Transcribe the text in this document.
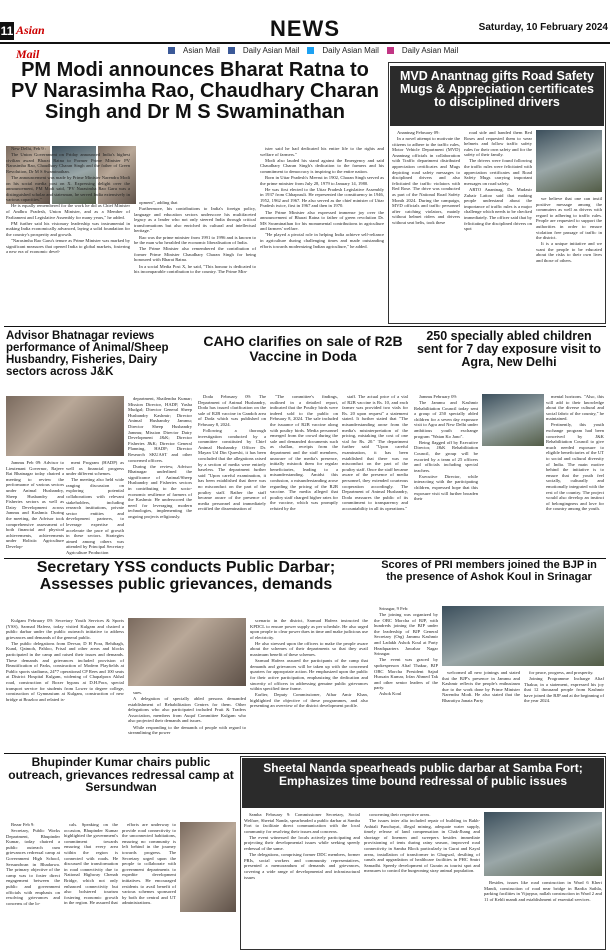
11 Asian Mail
NEWS	Saturday, 10 February 2024
Asian Mail	Daily Asian Mail	Daily Asian Mail	Daily Asian Mail
PM Modi announces Bharat Ratna to PV Narasimha Rao, Chaudhary Charan Singh and Dr M S Swaminathan

New Delhi, Feb 9 :

The Union Government on Friday announced India's highest civilian award Bharat Ratna to Former Prime Minister PV Narasimha Rao, Chaudhary Charan Singh and the father of Green Revolution, Dr M S Swaminathan.

The announcement was made by Prime Minister Narendra Modi on his social media post on X. Expressing delight over the announcement, PM Modi said, "PV Narasimha Rao Garu was a distinguished scholar and statesman, he served India extensively in various capacities."

He is equally remembered for the work he did as Chief Minister of Andhra Pradesh, Union Minister, and as a Member of Parliament and Legislative Assembly for many years," he added.

PM further said his visionary leadership was instrumental in making India economically advanced, laying a solid foundation for the country's prosperity and growth.

"Narasimha Rao Garu's tenure as Prime Minister was marked by significant measures that opened India to global markets, fostering a new era of economic devel-

opment", adding that

Furthermore, his contributions to India's foreign policy, language and education sectors underscore his multifaceted legacy as a leader who not only steered India through critical transformations but also enriched its cultural and intellectual heritage."

Rao was the prime minister from 1991 to 1996 and is known to be the man who heralded the economic liberalisation of India.

The Prime Minister also remembered the contribution of former Prime Minister Chaudhary Charan Singh for being honoured with Bharat Ratna.

In a social Media Post X, he said, "This honour is dedicated to his incomparable contribution to the country. The Prime Min-

ister said he had dedicated his entire life to the rights and welfare of farmers."

Modi also lauded his stand against the Emergency and said Chaudhary Charan Singh's dedication to the farmers and his commitment to democracy is inspiring to the entire nation.

Born in Uttar Pradesh's Meerut in 1902, Charan Singh served as the prime minister from July 28, 1979 to January 14, 1980.

He was first elected to the Uttar Pradesh Legislative Assembly in 1937 from Chhaprauli. He represented the constituency in 1946, 1952, 1962 and 1967. He also served as the chief minister of Uttar Pradesh twice, first in 1967 and then in 1970.

The Prime Minister also expressed immense joy over the announcement of Bharat Ratna to father of green revolution Dr. MS Swaminathan for his monumental contributions in agriculture and farmers' welfare.

"He played a pivotal role in helping India achieve self-reliance in agriculture during challenging times and made outstanding efforts towards modernizing Indian agriculture," he added.

MVD Anantnag gifts Road Safety Mugs & Appreciation certificates to disciplined drivers

Anantnag February 09:

In a novel attempt to motivate the citizens to adhere to the traffic rules, Motor Vehicle Department (MVD) Anantnag officials in collaboration with Traffic department distributed appreciation certificates and Mugs depicting road safety messages to disciplined drivers and also felicitated the traffic violators with Red Rose. The drive was conducted as part of the National Road Safety Month 2024. During the campaign, MVD officials and traffic personnel after catching violators, mainly without helmet riders and drivers without seat belts, took these

road side and handed them Red Roses and requested them to wear helmets and follow traffic safety rules for their own safety and for the safety of their family.

The drivers were found following the traffic rules were felicitated with appreciation certificates and Road Safety Mugs carrying important messages on road safety.

ARTO Anantnag, Dr. Mudasir Zubair Lattoo said that making people understand about the importance of traffic rules is a major challenge which needs to be checked immediately. The officer said that by felicitating the disciplined drivers on spot

we believe that one can instil positive message among the commuters as well as drivers with regard to adhering to traffic rules. People are requested to support the authorities in order to ensure violation free passage of traffic in the district.

It is a unique initiative and we want the people to be educated about the risks to their own lives and those of others.

Advisor Bhatnagar reviews performance of Animal/Sheep Husbandry, Fisheries, Dairy sectors across J&K

Jammu Feb 09: Advisor to Lieutenant Governor, Rajeev Rai Bhatnagar today chaired a meeting to review the performance of various sectors under Animal Husbandry, Sheep Husbandry and Fisheries sectors as well as Dairy Development across Jammu and Kashmir. During the meeting, the Advisor took comprehensive assessment of both financial and physical achievements, achievements under Holistic Agriculture Develop-

ment Program (HADP) as well as financial progress under different schemes.

The meeting also held wide ranging discussion on exploring potential collaborations with relevant stakeholders, including research institutions, private sector entities and development partners, to leverage expertise and accelerate the pace of growth in these sectors. Strategies aimed among others was attended by Principal Secretary Agriculture Production

department, Shailendra Kumar; Mission Director, HADP, Yasha Mudgal; Director General Sheep Husbandry Kashmir; Director Animal Husbandry Jammu; Director Sheep Husbandry Jammu; Mission Director Dairy Development J&K; Director Fisheries J&K; Director General Planning, HADP; Director Research SKUAST and other concerned officers.

During the review, Advisor Bhatnagar underlined the significance of Animal/Sheep Husbandry and Fisheries sectors in contributing to the socio-economic resilience of farmers of the Kashmir. He underscored the need for leveraging modern technologies, implementing the ongoing projects religiously.

CAHO clarifies on sale of R2B Vaccine in Doda

Doda February 09: The Department of Animal Husbandry, Doda has issued clarification on the sale of R2B vaccine in Gandoh area of Doda which was published on February 8, 2024.

Following a thorough investigation conducted by a committee constituted by Chief Animal Husbandry Officer Dr. Mayan Ud Din Qureshi, it has been concluded that the allegations raised by a section of media were entirely baseless. The department further said "Upon careful examination, it has been established that there was no misconduct on the part of the poultry staff. Rather the staff became aware of the presence of media personnel and immediately rectified the dissemination of

"The committee's findings, outlined in a detailed report, indicated that the Poultry birds were indeed sold to the public on February 8, 2024. The sale included the issuance of R2B vaccine along with poultry birds. Media personnel emerged from the crowd during the sale and demanded documents such as challan, receipts from the department and the staff members, unaware of the media's presence, initially mistook them for regular beneficiaries, leading to a misunderstanding. Amidst this confusion, a misunderstanding arose regarding the pricing of the R2B vaccine. The media alleged that poultry staff charged higher rates for the vaccine, which was promptly refuted by the

staff. The actual price of a vial of R2B vaccine is Rs. 10, and each farmer was provided two vials for Rs. 20 upon request" a statement stated. It further stated that "The misunderstanding arose from the media's misinterpretation of the pricing, mistaking the cost of one vial for Rs. 20." The department further said "Upon careful examination, it has been established that there was no misconduct on the part of the poultry staff. Once the staff became aware of the presence of media personnel, they extended courteous cooperation accordingly. The Department of Animal Husbandry, Doda reassures the public of its commitment to transparency and accountability in all its operations."

250 specially abled children sent for 7 day exposure visit to Agra, New Delhi

Jammu February 09:

The Jammu and Kashmir Rehabilitation Council today sent a group of 250 specially abled children for a seven day exposure visit to Agra and New Delhi under ambitious youth exchange program "Watan Ko Jano".

Being flagged off by Executive Director, J&K Rehabilitation Council, the group will be escorted by a team of 25 officers and officials including special teachers.

Executive Director, while interacting with the participating children, expressed hope that this exposure visit will further broaden their

mental horizons. "Also, this will add to their knowledge about the diverse cultural and social fabric of the country," he maintained.

Pertinently, this youth exchange program had been conceived by J&K Rehabilitation Council to give much needed exposure to eligible beneficiaries of the UT to social and cultural diversity of India. The main motive behind the initiative is to ensure that the youth feel socially, culturally and emotionally integrated with the rest of the country. The project would also develop an instinct of belongingness and love for the country among the youth.

Secretary YSS conducts Public Darbar; Assesses public grievances, demands

Kulgam February 09: Secretary Youth Services & Sports (YSS), Sarmad Hafeez, today visited Kulgam and chaired a public darbar under the public outreach initiative to address grievances and demands of the general public.

The public delegations from Devsar, D H Pora, Behibagh, Kund, Qaimoh, Pahloo, Frisal and other areas and blocks participated in the camp and raised their issues and demands. These demands and grievances included provision of Beautification of Parks, construction of Modern Playfields at Public sports stadiums, 24*7 operational CP Rees and 100 seats at District Hospital Kulgam, widening of Chapalpora Akhal road, construction of Boxer bypass at D.H.Pora, special transport service for students from Lower to degree college, construction of Gymnasium at Kulgam, construction of new bridge at Brazloo and related is-

sues.

A delegation of specially abled persons demanded establishment of Rehabilitation Centres for them. Other delegations who also participated included Fruit & Traders Association, members from Auqaf Committee Kulgam who also projected their demands and issues.

While responding to the demands of people with regard to streamlining the power

scenario in the district, Sarmad Hafeez instructed the KPDCL to ensure power supply as per schedule. He also urged upon people to clear power dues in time and make judicious use of electricity.

He also stressed upon the officers to make the people aware about the schemes of their departments so that they avail maximum benefit of these schemes.

Sarmad Hafeez assured the participants of the camp that demands and grievances will be taken up with the concerned quarters for appropriate action. He emphasized upon the public for their active participation, emphasizing the dedication and sincerity of officers in addressing genuine public grievances within specified time frame.

Earlier, Deputy Commissioner, Athar Amir Khan, highlighted the objective of these programmes, and also presenting an overview of the district development profile.

Scores of PRI members joined the BJP in the presence of Ashok Koul in Srinagar

Srinagar, 9 Feb:

The joining was organized by the OBC Morcha of BJP, with hundreds joining the BJP under the leadership of BJP General Secretary (Org) Jammu Kashmir and Ladakh Ashok Koul at Party Headquarters Jawahar Nagar Srinagar.

The event was graced by spokesperson Altaf Thakur, BJP OBC Morcha President Sajad Hussain Kumar, Irfan Ahmed Tak and other senior leaders of the party.

Ashok Koul

welcomed all new joinings and stated that the BJP's presence in Jammu and Kashmir reflects the people's enthusiasm due to the work done by Prime Minister Narendra Modi. He also stated that the Bharatiya Janata Party

for peace, progress, and prosperity.

Joining Programme Incharge Altaf Thakur, in a statement, expressed his joy that 12 thousand people from Kashmir have joined the BJP and at the beginning of the year 2024.

Bhupinder Kumar chairs public outreach, grievances redressal camp at Sersundwan

Bezar Feb 9:

Secretary, Public Works Department, Bhupinder Kumar, today chaired a public outreach cum grievances redressal camp at Government High School, Sersundwan in Bhadarwa. The primary objective of the camp was to foster direct engagement between the public and government officials with emphasis on resolving grievances and concerns of the lo-

cals. Speaking on the occasion, Bhupinder Kumar highlighted the government's commitment towards ensuring that every area within the region is connected with roads. He discussed the transformation in road connectivity due to National Highway Chenab Bridge, which not only enhanced connectivity but also bolstered tourism fostering economic growth in the region. He assured that

efforts are underway to provide road connectivity to the unconnected habitations, ensuring no community is left behind in the journey towards progress. The Secretary urged upon the people to collaborate with government departments to expedite development initiatives. He encouraged residents to avail benefit of various schemes sponsored by both the central and UT administrations.

Sheetal Nanda spearheads public darbar at Samba Fort; Emphasizes time bound redressal of public issues

Samba February 9: Commissioner Secretary, Social Welfare, Sheetal Nanda, spearheaded a public darbar at Samba Fort to facilitate direct communication with the local community for resolving their issues and concerns.

The event witnessed the locals actively participating and projecting their developmental issues while seeking speedy redressal of the same.

The delegations, comprising former DDC members, former PRIs, social workers and community representatives, presented a memorandum of demands and grievances, covering a wide range of developmental and infrastructural issues

concerning their respective areas.

The issues inter alia included repair of building in Bakh-Anhtali Panchayat, illegal mining, adequate water supply, timely release of land compensation in Chak-Jhang and shortage of linemen and sweepers besides immediate provisioning of tents during rainy season, improved road connectivity in Samba Block particularly in Gurai and Kayal areas, installation of transformer in Ghagwal, desilting of canals and upgradation of healthcare facilities in PHC Smiri Samadhi. Speedy development of Gurain as tourist spot and measures to control the burgeoning stray animal population.

Besides, issues like road construction in Ward 6 Kheri Mandi, construction of road near bridge in Bardia Sathla, parking facilities in Vijaypur, nallah construction in Ward 2 and 11 of Kehli mandi and establishment of essential services.
